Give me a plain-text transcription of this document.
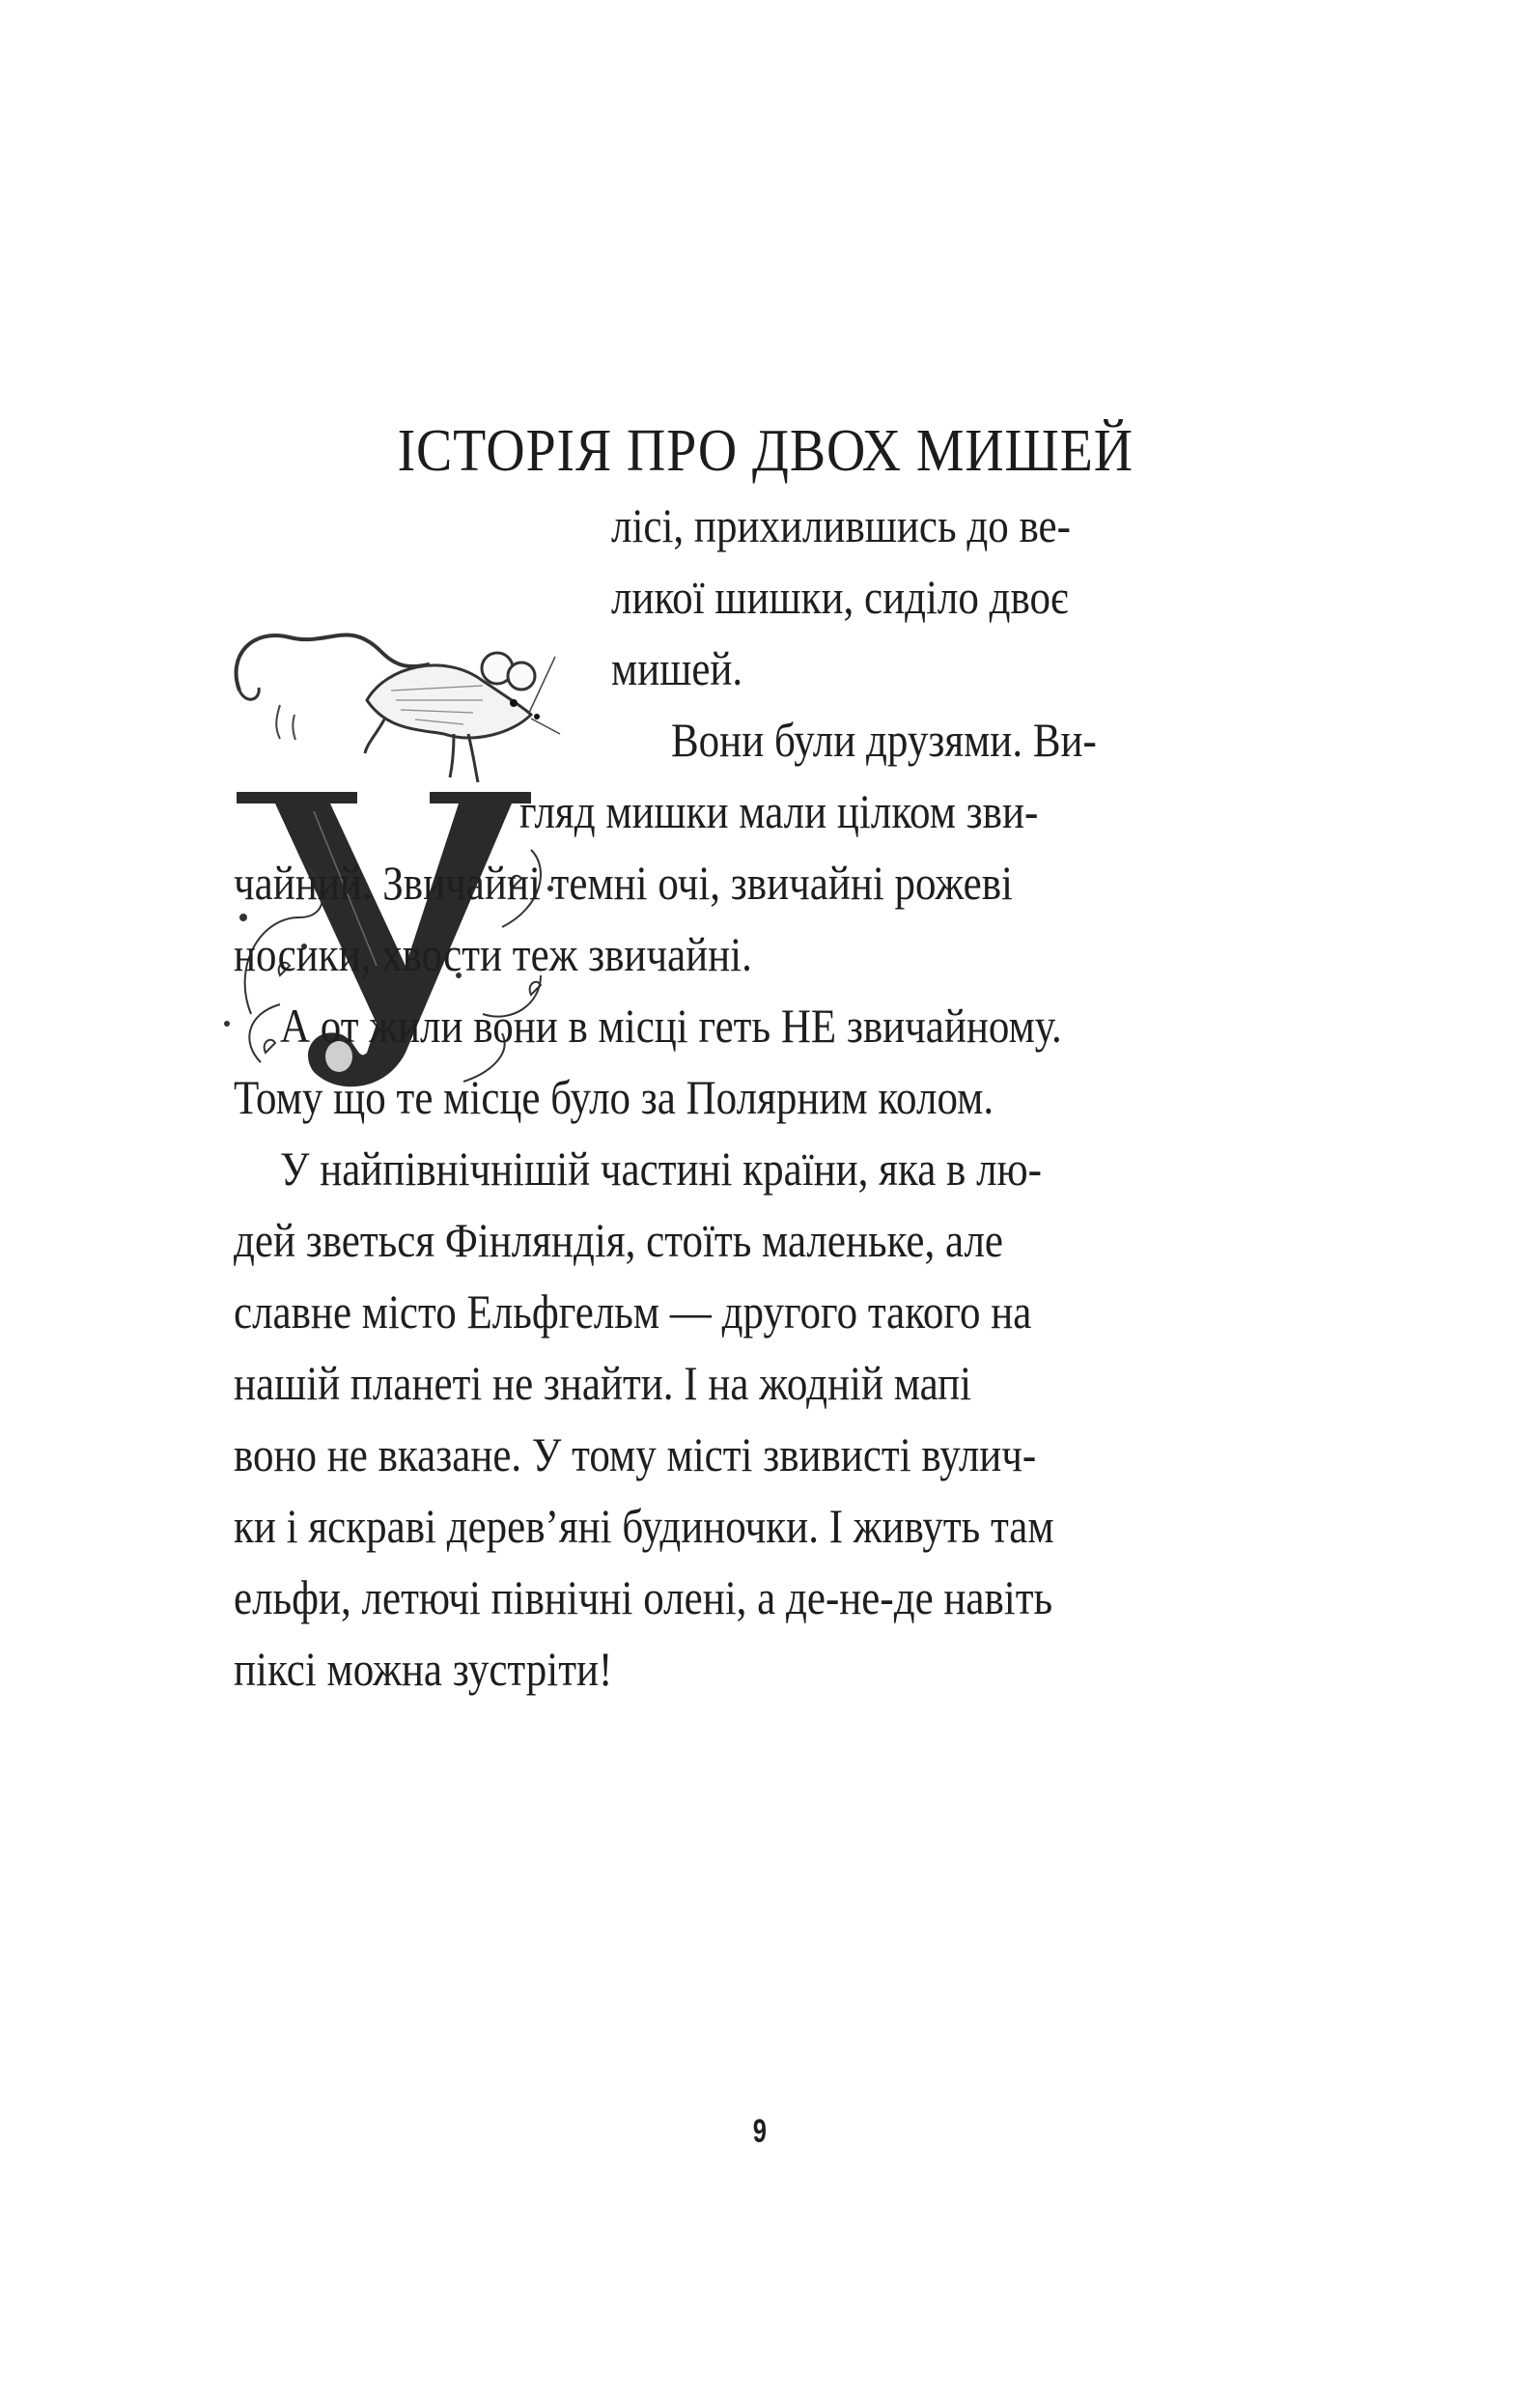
ІСТОРІЯ ПРО ДВОХ МИШЕЙ
лісі, прихилившись до ве-
ликої шишки, сиділо двоє
мишей.
Вони були друзями. Ви-
гляд мишки мали цілком зви-
чайний. Звичайні темні очі, звичайні рожеві
носики, хвости теж звичайні.
А от жили вони в місці геть НЕ звичайному.
Тому що те місце було за Полярним колом.
У найпівнічнішій частині країни, яка в лю-
дей зветься Фінляндія, стоїть маленьке, але
славне місто Ельфгельм — другого такого на
нашій планеті не знайти. І на жодній мапі
воно не вказане. У тому місті звивисті вулич-
ки і яскраві дерев’яні будиночки. І живуть там
ельфи, летючі північні олені, а де-не-де навіть
піксі можна зустріти!
9
